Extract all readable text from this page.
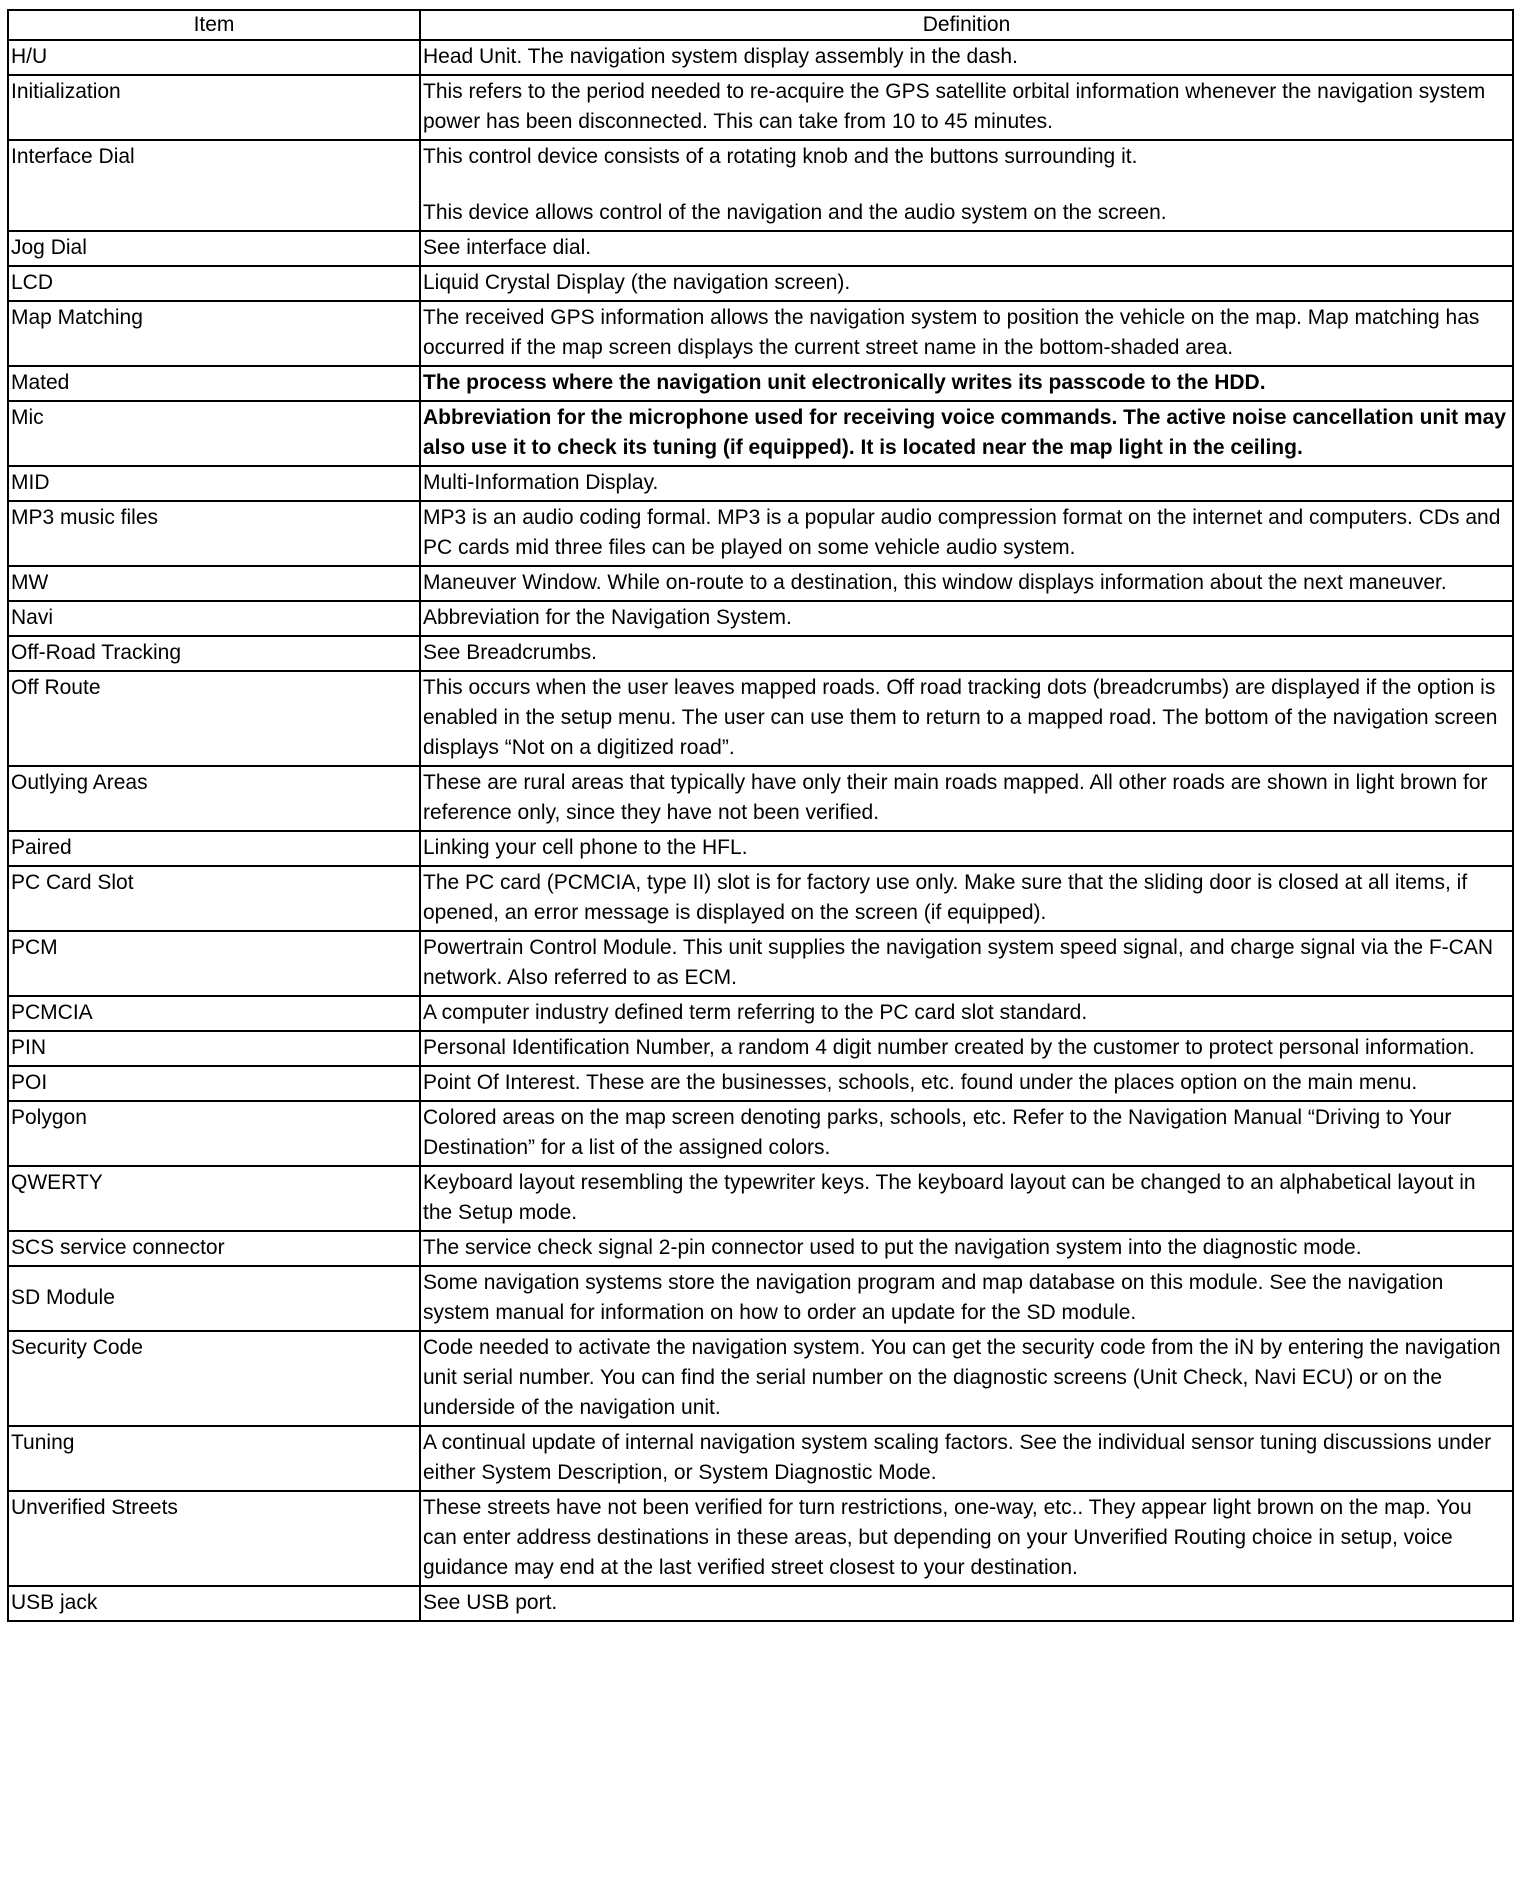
Item	Definition
H/U	Head Unit. The navigation system display assembly in the dash.

Initialization	This refers to the period needed to re-acquire the GPS satellite orbital information whenever the navigation system power has been disconnected. This can take from 10 to 45 minutes.

Interface Dial	This control device consists of a rotating knob and the buttons surrounding it.
This device allows control of the navigation and the audio system on the screen.

Jog Dial	See interface dial.

LCD	Liquid Crystal Display (the navigation screen).

Map Matching	The received GPS information allows the navigation system to position the vehicle on the map. Map matching has occurred if the map screen displays the current street name in the bottom-shaded area.

Mated	The process where the navigation unit electronically writes its passcode to the HDD.

Mic	Abbreviation for the microphone used for receiving voice commands. The active noise cancellation unit may also use it to check its tuning (if equipped). It is located near the map light in the ceiling.

MID	Multi-Information Display.

MP3 music files	MP3 is an audio coding formal. MP3 is a popular audio compression format on the internet and computers. CDs and PC cards mid three files can be played on some vehicle audio system.

MW	Maneuver Window. While on-route to a destination, this window displays information about the next maneuver.

Navi	Abbreviation for the Navigation System.

Off-Road Tracking	See Breadcrumbs.

Off Route	This occurs when the user leaves mapped roads. Off road tracking dots (breadcrumbs) are displayed if the option is enabled in the setup menu. The user can use them to return to a mapped road. The bottom of the navigation screen displays “Not on a digitized road”.

Outlying Areas	These are rural areas that typically have only their main roads mapped. All other roads are shown in light brown for reference only, since they have not been verified.

Paired	Linking your cell phone to the HFL.

PC Card Slot	The PC card (PCMCIA, type II) slot is for factory use only. Make sure that the sliding door is closed at all items, if opened, an error message is displayed on the screen (if equipped).

PCM	Powertrain Control Module. This unit supplies the navigation system speed signal, and charge signal via the F-CAN network. Also referred to as ECM.

PCMCIA	A computer industry defined term referring to the PC card slot standard.

PIN	Personal Identification Number, a random 4 digit number created by the customer to protect personal information.

POI	Point Of Interest. These are the businesses, schools, etc. found under the places option on the main menu.

Polygon	Colored areas on the map screen denoting parks, schools, etc. Refer to the Navigation Manual “Driving to Your Destination” for a list of the assigned colors.

QWERTY	Keyboard layout resembling the typewriter keys. The keyboard layout can be changed to an alphabetical layout in the Setup mode.

SCS service connector	The service check signal 2-pin connector used to put the navigation system into the diagnostic mode.

SD Module	Some navigation systems store the navigation program and map database on this module. See the navigation system manual for information on how to order an update for the SD module.

Security Code	Code needed to activate the navigation system. You can get the security code from the iN by entering the navigation unit serial number. You can find the serial number on the diagnostic screens (Unit Check, Navi ECU) or on the underside of the navigation unit.

Tuning	A continual update of internal navigation system scaling factors. See the individual sensor tuning discussions under either System Description, or System Diagnostic Mode.

Unverified Streets	These streets have not been verified for turn restrictions, one-way, etc.. They appear light brown on the map. You can enter address destinations in these areas, but depending on your Unverified Routing choice in setup, voice guidance may end at the last verified street closest to your destination.

USB jack	See USB port.
